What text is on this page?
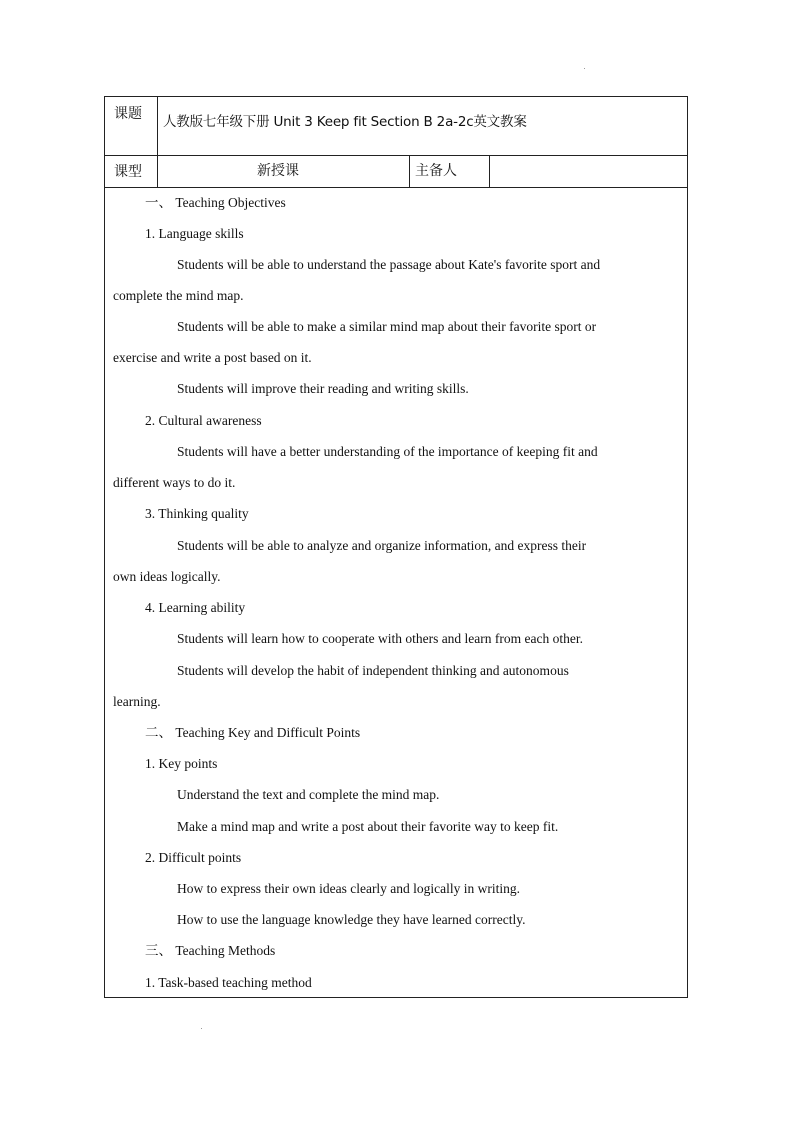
课题 人教版七年级下册 Unit 3 Keep fit Section B 2a-2c英文教案
课型	新授课	主备人
一、 Teaching Objectives
1. Language skills
Students will be able to understand the passage about Kate's favorite sport and
complete the mind map.
Students will be able to make a similar mind map about their favorite sport or
exercise and write a post based on it.
Students will improve their reading and writing skills.
2. Cultural awareness
Students will have a better understanding of the importance of keeping fit and
different ways to do it.
3. Thinking quality
Students will be able to analyze and organize information, and express their
own ideas logically.
4. Learning ability
Students will learn how to cooperate with others and learn from each other.
Students will develop the habit of independent thinking and autonomous
learning.
二、 Teaching Key and Difficult Points
1. Key points
Understand the text and complete the mind map.
Make a mind map and write a post about their favorite way to keep fit.
2. Difficult points
How to express their own ideas clearly and logically in writing.
How to use the language knowledge they have learned correctly.
三、 Teaching Methods
1. Task-based teaching method
